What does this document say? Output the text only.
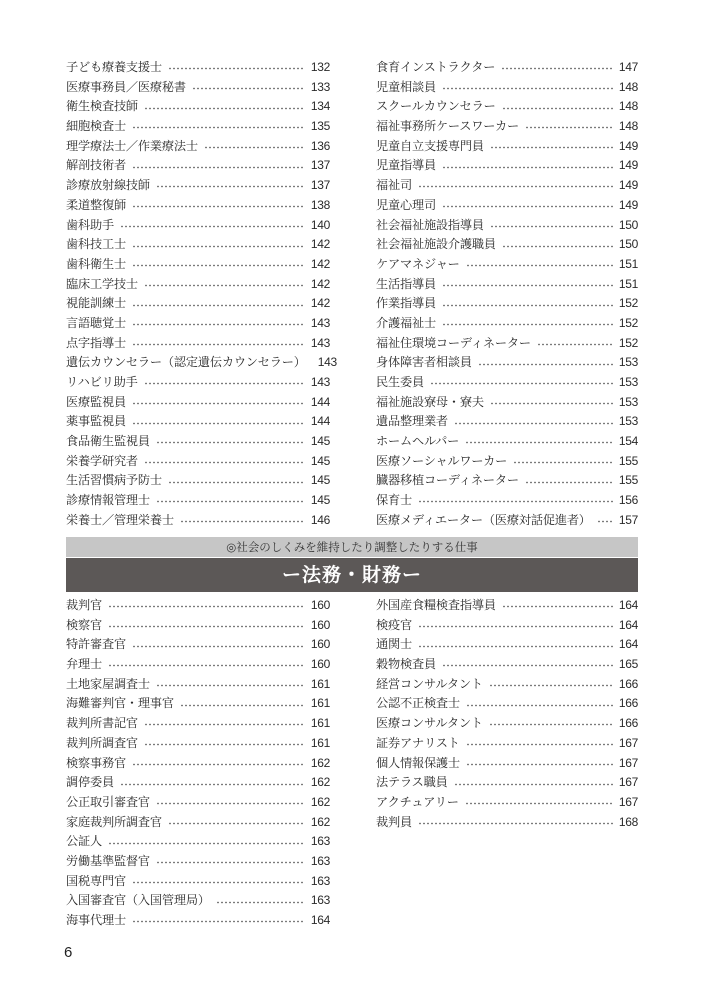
子ども療養支援士	132
医療事務員／医療秘書	133
衛生検査技師	134
細胞検査士	135
理学療法士／作業療法士	136
解剖技術者	137
診療放射線技師	137
柔道整復師	138
歯科助手	140
歯科技工士	142
歯科衛生士	142
臨床工学技士	142
視能訓練士	142
言語聴覚士	143
点字指導士	143
遺伝カウンセラー（認定遺伝カウンセラー） 143
リハビリ助手	143
医療監視員	144
薬事監視員	144
食品衛生監視員	145
栄養学研究者	145
生活習慣病予防士	145
診療情報管理士	145
栄養士／管理栄養士	146
食育インストラクター	147
児童相談員	148
スクールカウンセラー	148
福祉事務所ケースワーカー	148
児童自立支援専門員	149
児童指導員	149
福祉司	149
児童心理司	149
社会福祉施設指導員	150
社会福祉施設介護職員	150
ケアマネジャー	151
生活指導員	151
作業指導員	152
介護福祉士	152
福祉住環境コーディネーター	152
身体障害者相談員	153
民生委員	153
福祉施設寮母・寮夫	153
遺品整理業者	153
ホームヘルパー	154
医療ソーシャルワーカー	155
臓器移植コーディネーター	155
保育士	156
医療メディエーター（医療対話促進者） 157
◎社会のしくみを維持したり調整したりする仕事
ー法務・財務ー
裁判官	160
検察官	160
特許審査官	160
弁理士	160
土地家屋調査士	161
海難審判官・理事官	161
裁判所書記官	161
裁判所調査官	161
検察事務官	162
調停委員	162
公正取引審査官	162
家庭裁判所調査官	162
公証人	163
労働基準監督官	163
国税専門官	163
入国審査官（入国管理局）	163
海事代理士	164
外国産食糧検査指導員	164
検疫官	164
通関士	164
穀物検査員	165
経営コンサルタント	166
公認不正検査士	166
医療コンサルタント	166
証券アナリスト	167
個人情報保護士	167
法テラス職員	167
アクチュアリー	167
裁判員	168
6
